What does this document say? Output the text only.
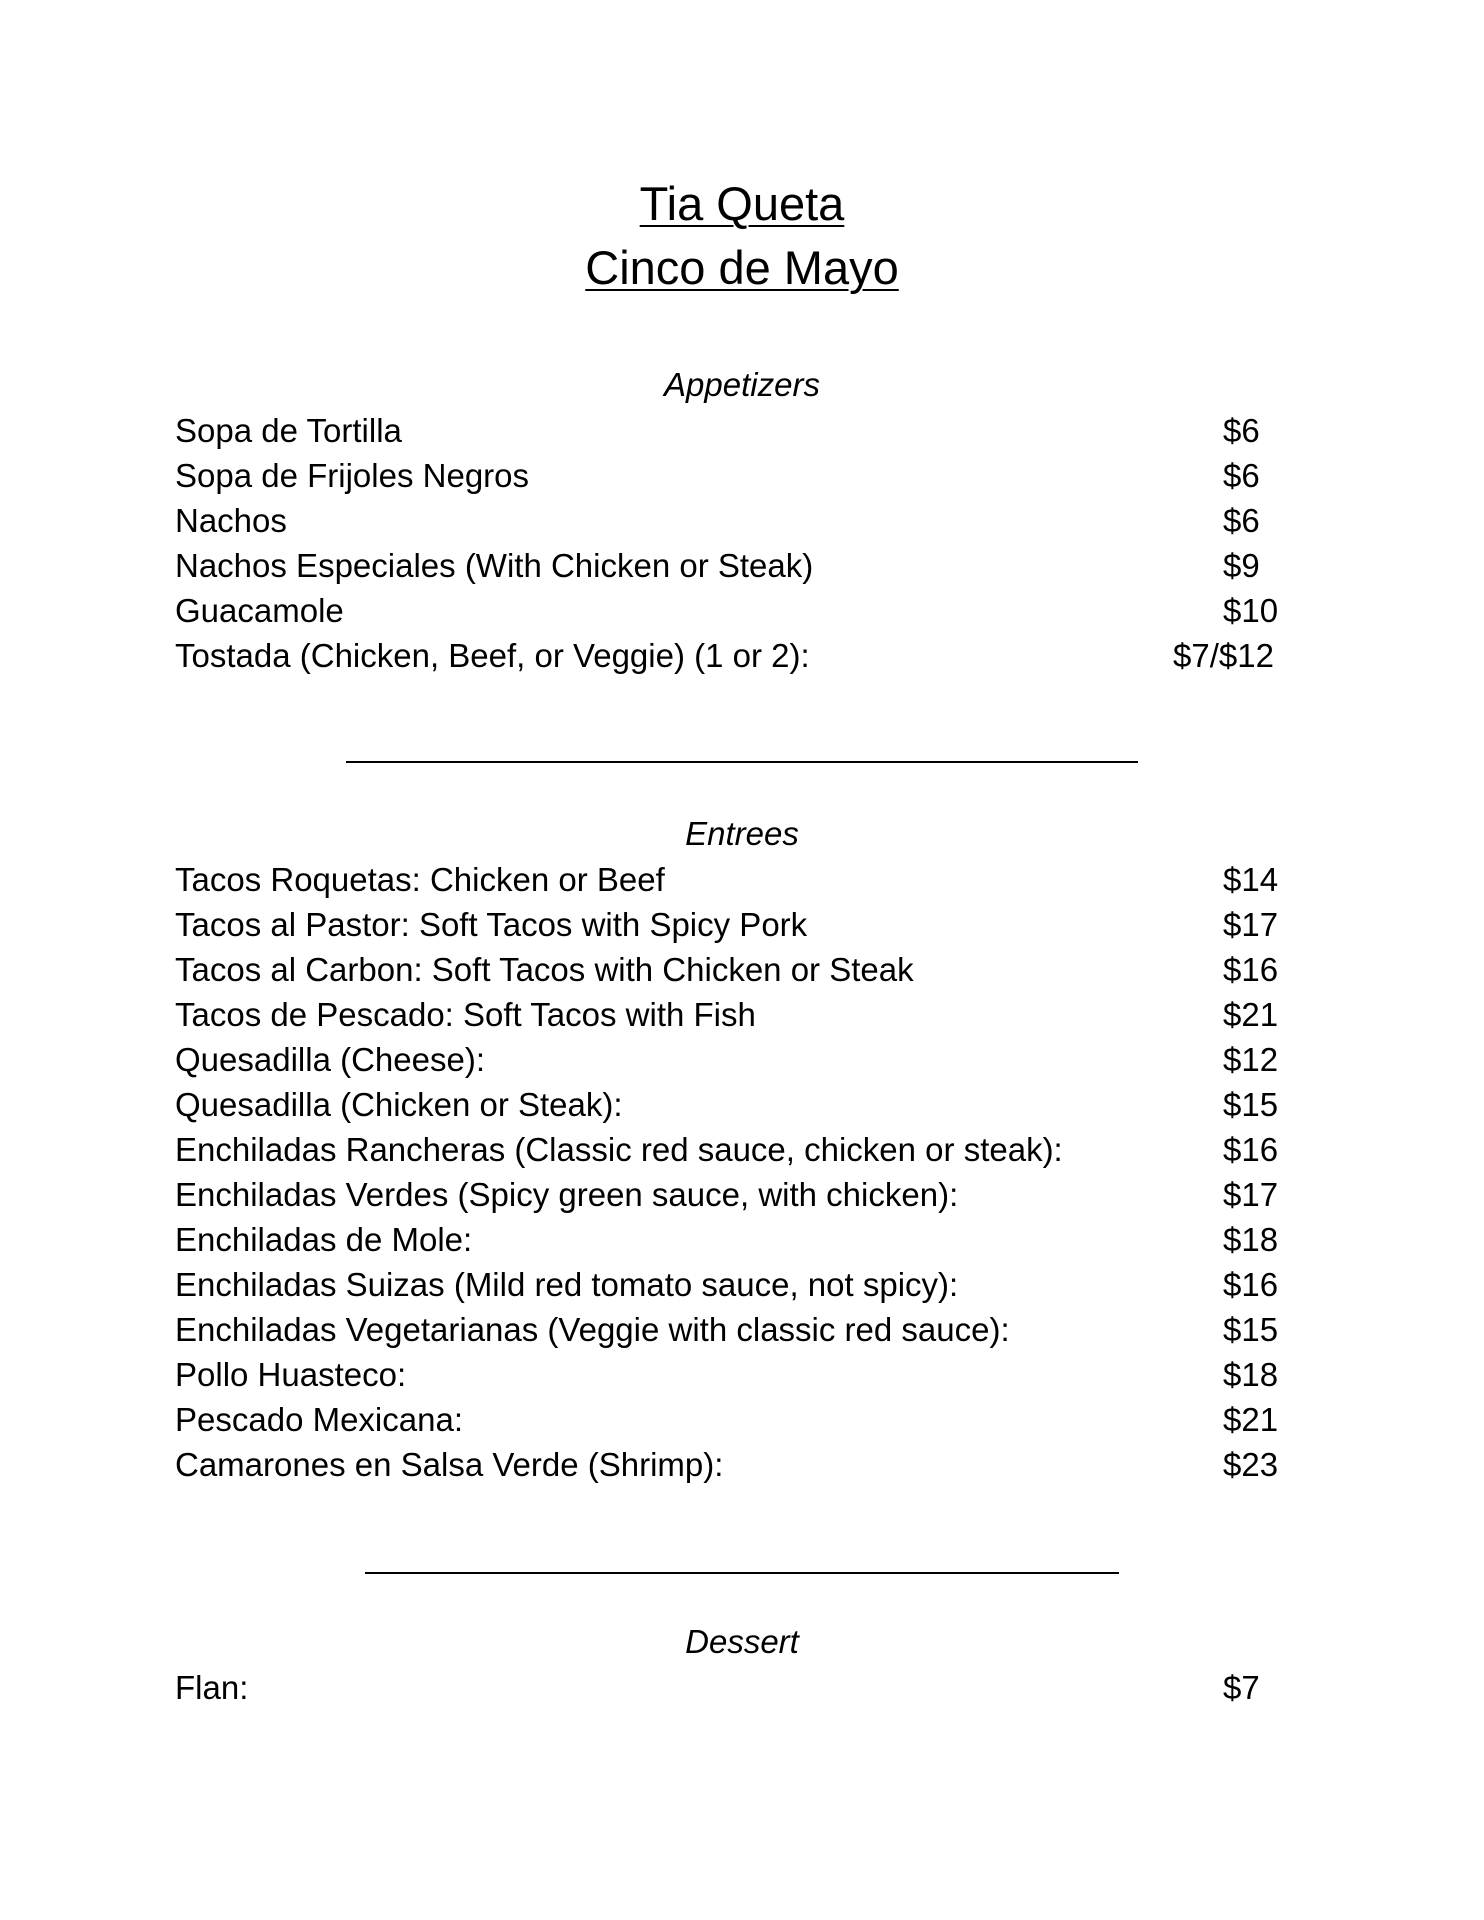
Tia Queta
Cinco de Mayo
Appetizers
Sopa de Tortilla	$6
Sopa de Frijoles Negros	$6
Nachos	$6
Nachos Especiales (With Chicken or Steak)	$9
Guacamole	$10
Tostada (Chicken, Beef, or Veggie) (1 or 2):	$7/$12
Entrees
Tacos Roquetas: Chicken or Beef	$14
Tacos al Pastor: Soft Tacos with Spicy Pork	$17
Tacos al Carbon: Soft Tacos with Chicken or Steak	$16
Tacos de Pescado: Soft Tacos with Fish	$21
Quesadilla (Cheese):	$12
Quesadilla (Chicken or Steak):	$15
Enchiladas Rancheras (Classic red sauce, chicken or steak):	$16
Enchiladas Verdes (Spicy green sauce, with chicken):	$17
Enchiladas de Mole:	$18
Enchiladas Suizas (Mild red tomato sauce, not spicy):	$16
Enchiladas Vegetarianas (Veggie with classic red sauce):	$15
Pollo Huasteco:	$18
Pescado Mexicana:	$21
Camarones en Salsa Verde (Shrimp):	$23
Dessert
Flan:	$7
